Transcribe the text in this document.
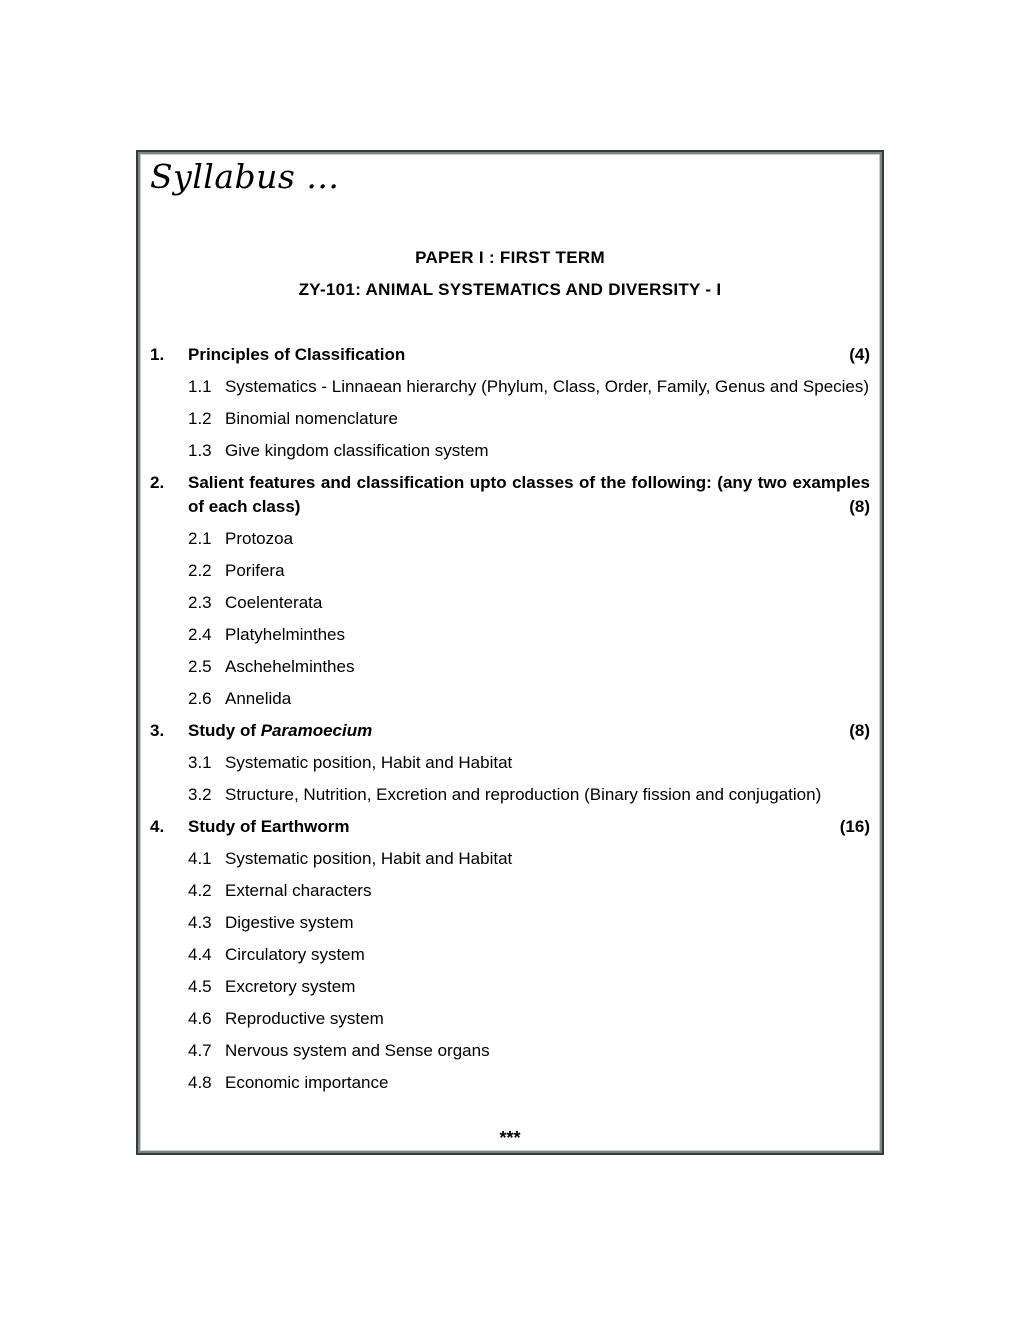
Syllabus ...
PAPER I : FIRST TERM
ZY-101: ANIMAL SYSTEMATICS AND DIVERSITY - I
1. Principles of Classification	(4)
1.1 Systematics - Linnaean hierarchy (Phylum, Class, Order, Family, Genus and Species)
1.2 Binomial nomenclature
1.3 Give kingdom classification system
2. Salient features and classification upto classes of the following: (any two examples of each class)	(8)
2.1 Protozoa
2.2 Porifera
2.3 Coelenterata
2.4 Platyhelminthes
2.5 Aschehelminthes
2.6 Annelida
3. Study of Paramoecium	(8)
3.1 Systematic position, Habit and Habitat
3.2 Structure, Nutrition, Excretion and reproduction (Binary fission and conjugation)
4. Study of Earthworm	(16)
4.1 Systematic position, Habit and Habitat
4.2 External characters
4.3 Digestive system
4.4 Circulatory system
4.5 Excretory system
4.6 Reproductive system
4.7 Nervous system and Sense organs
4.8 Economic importance
***
